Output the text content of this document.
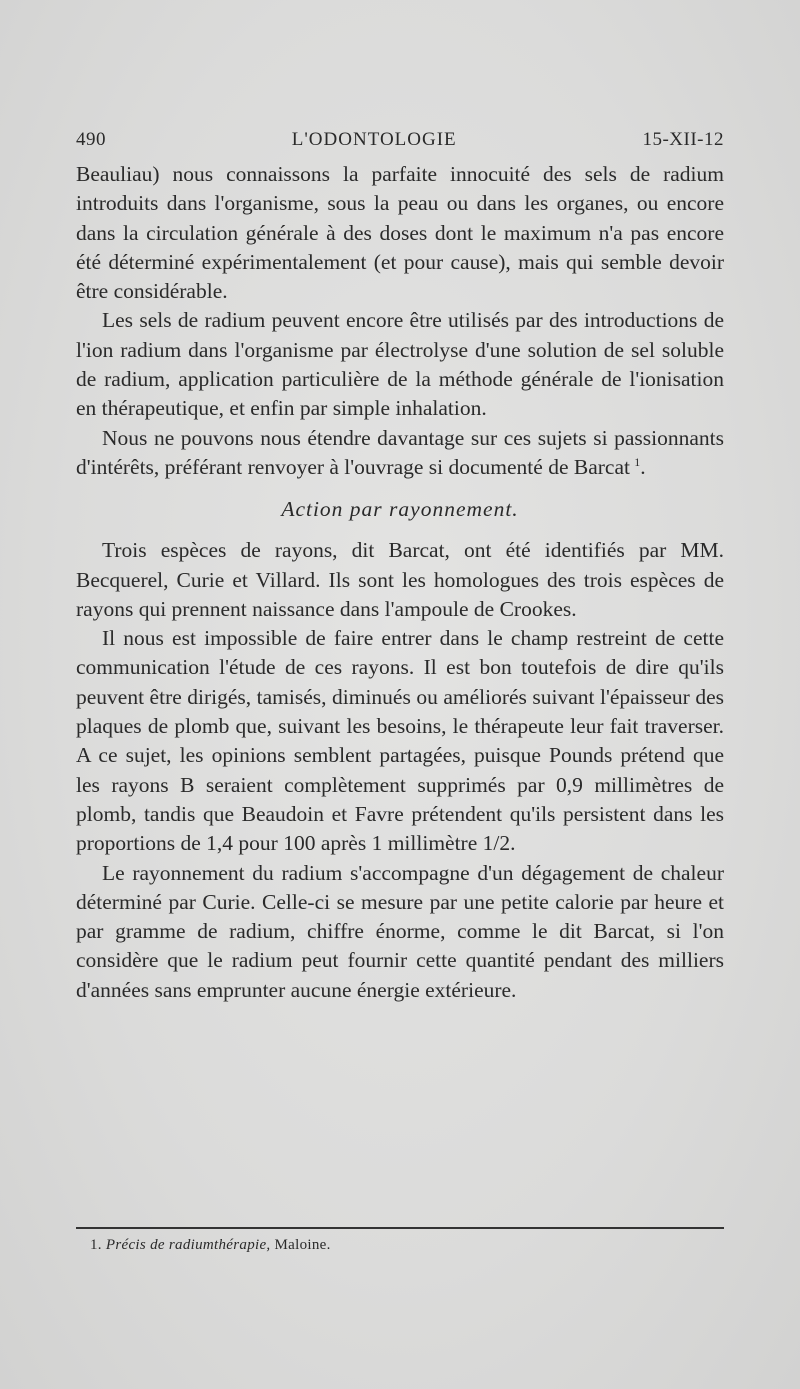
490	L'ODONTOLOGIE	15-XII-12

Beauliau) nous connaissons la parfaite innocuité des sels de radium introduits dans l'organisme, sous la peau ou dans les organes, ou encore dans la circulation générale à des doses dont le maximum n'a pas encore été déterminé expérimentalement (et pour cause), mais qui semble devoir être considérable.

Les sels de radium peuvent encore être utilisés par des introductions de l'ion radium dans l'organisme par électrolyse d'une solution de sel soluble de radium, application particulière de la méthode générale de l'ionisation en thérapeutique, et enfin par simple inhalation.

Nous ne pouvons nous étendre davantage sur ces sujets si passionnants d'intérêts, préférant renvoyer à l'ouvrage si documenté de Barcat  $^1$.

Action par rayonnement.

Trois espèces de rayons, dit Barcat, ont été identifiés par MM. Becquerel, Curie et Villard. Ils sont les homologues des trois espèces de rayons qui prennent naissance dans l'ampoule de Crookes.

Il nous est impossible de faire entrer dans le champ restreint de cette communication l'étude de ces rayons. Il est bon toutefois de dire qu'ils peuvent être dirigés, tamisés, diminués ou améliorés suivant l'épaisseur des plaques de plomb que, suivant les besoins, le thérapeute leur fait traverser. A ce sujet, les opinions semblent partagées, puisque Pounds prétend que les rayons B seraient complètement supprimés par 0,9 millimètres de plomb, tandis que Beaudoin et Favre prétendent qu'ils persistent dans les proportions de 1,4 pour 100 après 1 millimètre 1/2.

Le rayonnement du radium s'accompagne d'un dégagement de chaleur déterminé par Curie. Celle-ci se mesure par une petite calorie par heure et par gramme de radium, chiffre énorme, comme le dit Barcat, si l'on considère que le radium peut fournir cette quantité pendant des milliers d'années sans emprunter aucune énergie extérieure.

1. Précis de radiumthérapie, Maloine.
